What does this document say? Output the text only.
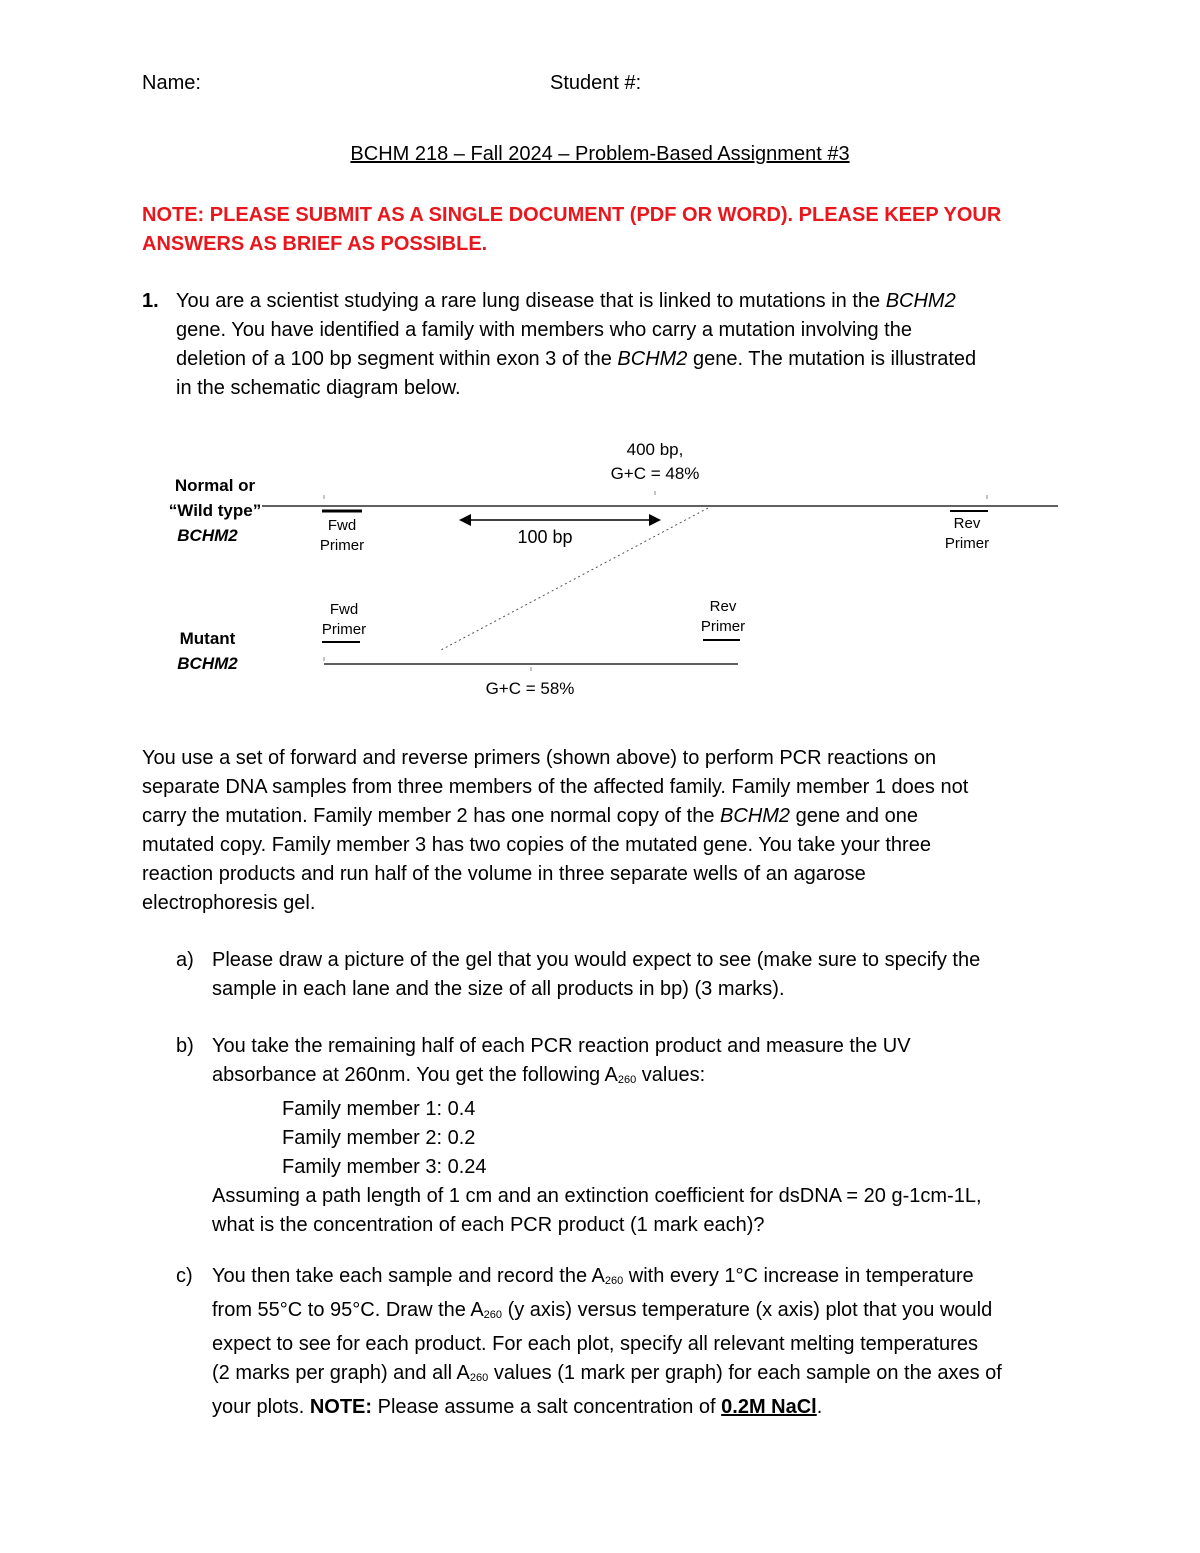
Name:	Student #:
BCHM 218 – Fall 2024 – Problem-Based Assignment #3
NOTE: PLEASE SUBMIT AS A SINGLE DOCUMENT (PDF OR WORD). PLEASE KEEP YOUR
ANSWERS AS BRIEF AS POSSIBLE.
1. You are a scientist studying a rare lung disease that is linked to mutations in the BCHM2
gene. You have identified a family with members who carry a mutation involving the
deletion of a 100 bp segment within exon 3 of the BCHM2 gene. The mutation is illustrated
in the schematic diagram below.
Normal or
“Wild type”
BCHM2
Mutant
BCHM2
400 bp,
G+C = 48%
100 bp
G+C = 58%
Fwd
Primer
Rev
Primer
Fwd
Primer
Rev
Primer
You use a set of forward and reverse primers (shown above) to perform PCR reactions on
separate DNA samples from three members of the affected family. Family member 1 does not
carry the mutation. Family member 2 has one normal copy of the BCHM2 gene and one
mutated copy. Family member 3 has two copies of the mutated gene. You take your three
reaction products and run half of the volume in three separate wells of an agarose
electrophoresis gel.
a) Please draw a picture of the gel that you would expect to see (make sure to specify the
sample in each lane and the size of all products in bp) (3 marks).
b) You take the remaining half of each PCR reaction product and measure the UV
absorbance at 260nm. You get the following A260 values:
Family member 1: 0.4
Family member 2: 0.2
Family member 3: 0.24
Assuming a path length of 1 cm and an extinction coefficient for dsDNA = 20 g-1cm-1L,
what is the concentration of each PCR product (1 mark each)?
c) You then take each sample and record the A260 with every 1°C increase in temperature
from 55°C to 95°C. Draw the A260 (y axis) versus temperature (x axis) plot that you would
expect to see for each product. For each plot, specify all relevant melting temperatures
(2 marks per graph) and all A260 values (1 mark per graph) for each sample on the axes of
your plots. NOTE: Please assume a salt concentration of 0.2M NaCl.
